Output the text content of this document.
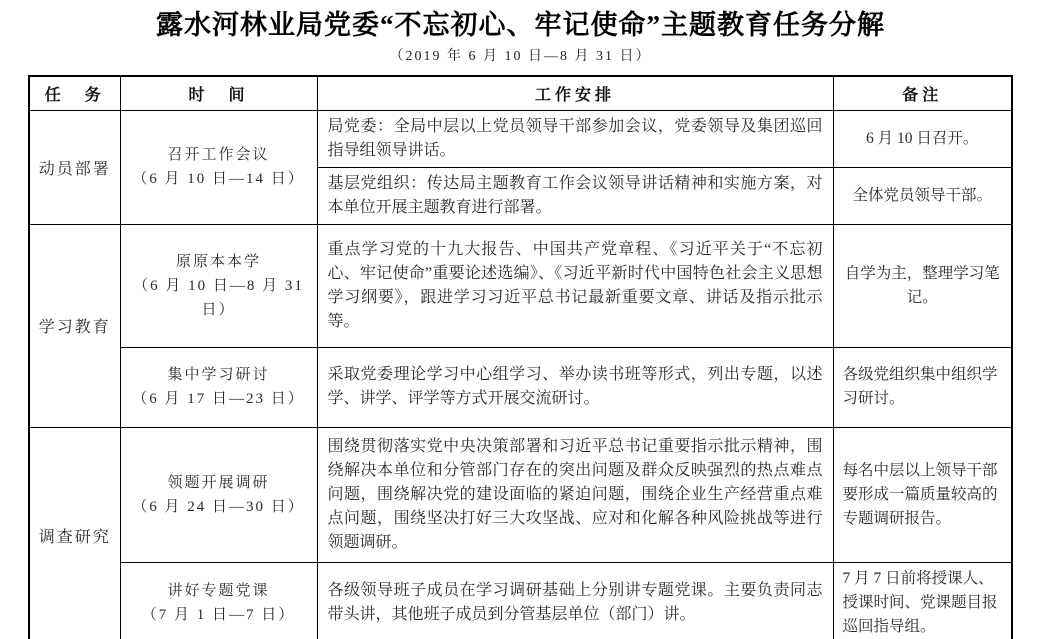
露水河林业局党委“不忘初心、牢记使命”主题教育任务分解
（2019 年 6 月 10 日—8 月 31 日）
任　务	时　间	工作安排	备注
动员部署	召开工作会议
（6 月 10 日—14 日）	局党委：全局中层以上党员领导干部参加会议，党委领导及集团巡回指导组领导讲话。	6 月 10 日召开。
		基层党组织：传达局主题教育工作会议领导讲话精神和实施方案，对本单位开展主题教育进行部署。	全体党员领导干部。
学习教育	原原本本学
（6 月 10 日—8 月 31 日）	重点学习党的十九大报告、中国共产党章程、《习近平关于“不忘初心、牢记使命”重要论述选编》、《习近平新时代中国特色社会主义思想学习纲要》，跟进学习习近平总书记最新重要文章、讲话及指示批示等。	自学为主，整理学习笔记。

	集中学习研讨
（6 月 17 日—23 日）	采取党委理论学习中心组学习、举办读书班等形式，列出专题，以述学、讲学、评学等方式开展交流研讨。	各级党组织集中组织学习研讨。
调查研究	领题开展调研
（6 月 24 日—30 日）	围绕贯彻落实党中央决策部署和习近平总书记重要指示批示精神，围绕解决本单位和分管部门存在的突出问题及群众反映强烈的热点难点问题，围绕解决党的建设面临的紧迫问题，围绕企业生产经营重点难点问题，围绕坚决打好三大攻坚战、应对和化解各种风险挑战等进行领题调研。	每名中层以上领导干部要形成一篇质量较高的专题调研报告。

	讲好专题党课
（7 月 1 日—7 日）	各级领导班子成员在学习调研基础上分别讲专题党课。主要负责同志带头讲，其他班子成员到分管基层单位（部门）讲。	7 月 7 日前将授课人、授课时间、党课题目报巡回指导组。
